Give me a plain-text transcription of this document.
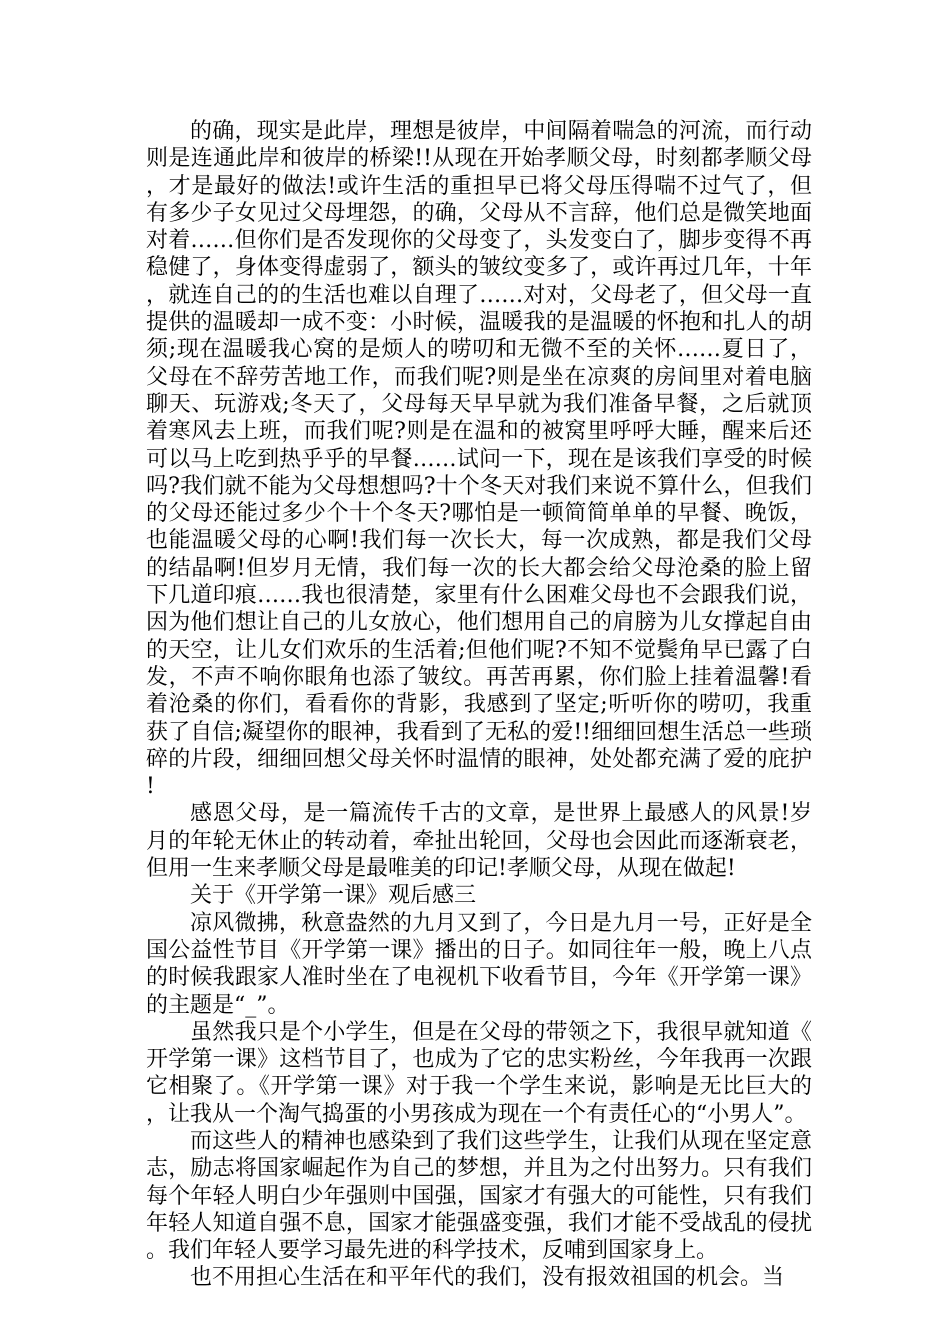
的确，现实是此岸，理想是彼岸，中间隔着喘急的河流，而行动则是连通此岸和彼岸的桥梁!!从现在开始孝顺父母，时刻都孝顺父母，才是最好的做法!或许生活的重担早已将父母压得喘不过气了，但有多少子女见过父母埋怨，的确，父母从不言辞，他们总是微笑地面对着……但你们是否发现你的父母变了，头发变白了，脚步变得不再稳健了，身体变得虚弱了，额头的皱纹变多了，或许再过几年，十年，就连自己的的生活也难以自理了……对对，父母老了，但父母一直提供的温暖却一成不变：小时候，温暖我的是温暖的怀抱和扎人的胡须;现在温暖我心窝的是烦人的唠叨和无微不至的关怀……夏日了，父母在不辞劳苦地工作，而我们呢?则是坐在凉爽的房间里对着电脑聊天、玩游戏;冬天了，父母每天早早就为我们准备早餐，之后就顶着寒风去上班，而我们呢?则是在温和的被窝里呼呼大睡，醒来后还可以马上吃到热乎乎的早餐……试问一下，现在是该我们享受的时候吗?我们就不能为父母想想吗?十个冬天对我们来说不算什么，但我们的父母还能过多少个十个冬天?哪怕是一顿简简单单的早餐、晚饭，也能温暖父母的心啊!我们每一次长大，每一次成熟，都是我们父母的结晶啊!但岁月无情，我们每一次的长大都会给父母沧桑的脸上留下几道印痕……我也很清楚，家里有什么困难父母也不会跟我们说，因为他们想让自己的儿女放心，他们想用自己的肩膀为儿女撑起自由的天空，让儿女们欢乐的生活着;但他们呢?不知不觉鬓角早已露了白发，不声不响你眼角也添了皱纹。再苦再累，你们脸上挂着温馨!看着沧桑的你们，看看你的背影，我感到了坚定;听听你的唠叨，我重获了自信;凝望你的眼神，我看到了无私的爱!!细细回想生活总一些琐碎的片段，细细回想父母关怀时温情的眼神，处处都充满了爱的庇护!

感恩父母，是一篇流传千古的文章，是世界上最感人的风景!岁月的年轮无休止的转动着，牵扯出轮回，父母也会因此而逐渐衰老，但用一生来孝顺父母是最唯美的印记!孝顺父母，从现在做起!

关于《开学第一课》观后感三

凉风微拂，秋意盎然的九月又到了，今日是九月一号，正好是全国公益性节目《开学第一课》播出的日子。如同往年一般，晚上八点的时候我跟家人准时坐在了电视机下收看节目，今年《开学第一课》的主题是“_”。

虽然我只是个小学生，但是在父母的带领之下，我很早就知道《开学第一课》这档节目了，也成为了它的忠实粉丝，今年我再一次跟它相聚了。《开学第一课》对于我一个学生来说，影响是无比巨大的，让我从一个淘气捣蛋的小男孩成为现在一个有责任心的“小男人”。

而这些人的精神也感染到了我们这些学生，让我们从现在坚定意志，励志将国家崛起作为自己的梦想，并且为之付出努力。只有我们每个年轻人明白少年强则中国强，国家才有强大的可能性，只有我们年轻人知道自强不息，国家才能强盛变强，我们才能不受战乱的侵扰。我们年轻人要学习最先进的科学技术，反哺到国家身上。

也不用担心生活在和平年代的我们，没有报效祖国的机会。当
